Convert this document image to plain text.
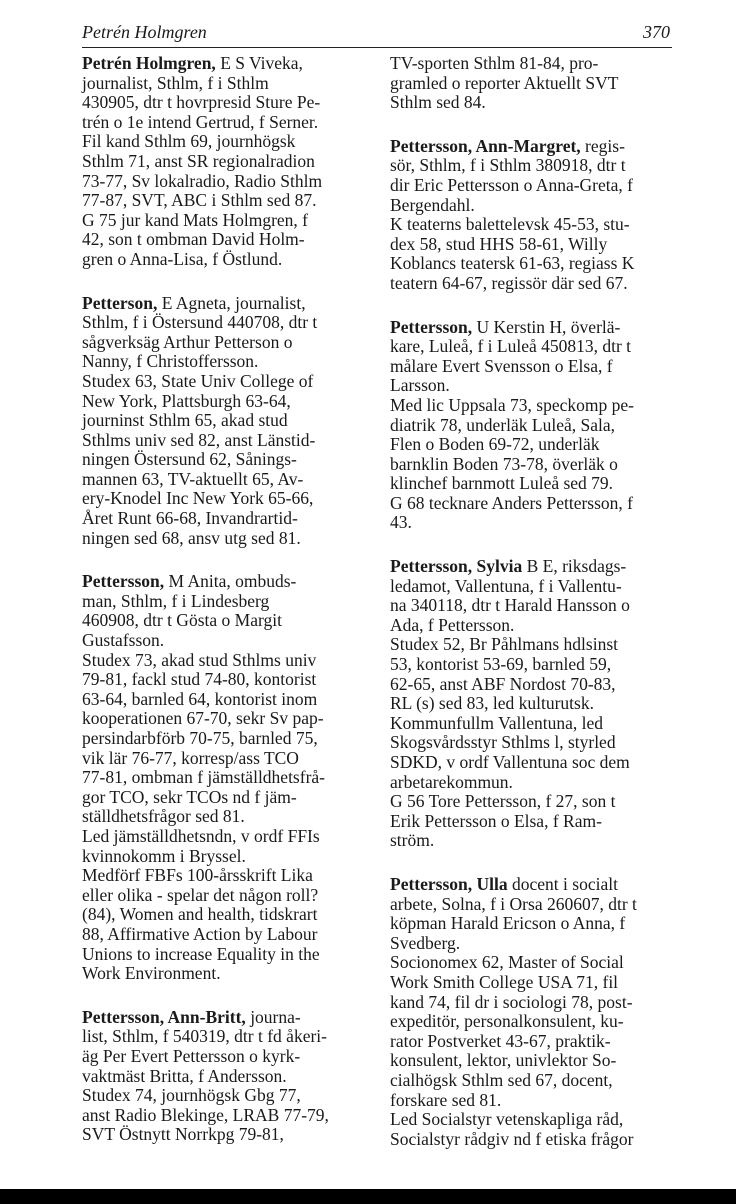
Petrén Holmgren	370
Petrén Holmgren, E S Viveka,
journalist, Sthlm, f i Sthlm
430905, dtr t hovrpresid Sture Pe-
trén o 1e intend Gertrud, f Serner.
Fil kand Sthlm 69, journhögsk
Sthlm 71, anst SR regionalradion
73-77, Sv lokalradio, Radio Sthlm
77-87, SVT, ABC i Sthlm sed 87.
G 75 jur kand Mats Holmgren, f
42, son t ombman David Holm-
gren o Anna-Lisa, f Östlund.
Petterson, E Agneta, journalist,
Sthlm, f i Östersund 440708, dtr t
sågverksäg Arthur Petterson o
Nanny, f Christoffersson.
Studex 63, State Univ College of
New York, Plattsburgh 63-64,
journinst Sthlm 65, akad stud
Sthlms univ sed 82, anst Länstid-
ningen Östersund 62, Sånings-
mannen 63, TV-aktuellt 65, Av-
ery-Knodel Inc New York 65-66,
Året Runt 66-68, Invandrartid-
ningen sed 68, ansv utg sed 81.
Pettersson, M Anita, ombuds-
man, Sthlm, f i Lindesberg
460908, dtr t Gösta o Margit
Gustafsson.
Studex 73, akad stud Sthlms univ
79-81, fackl stud 74-80, kontorist
63-64, barnled 64, kontorist inom
kooperationen 67-70, sekr Sv pap-
persindarbförb 70-75, barnled 75,
vik lär 76-77, korresp/ass TCO
77-81, ombman f jämställdhetsfrå-
gor TCO, sekr TCOs nd f jäm-
ställdhetsfrågor sed 81.
Led jämställdhetsndn, v ordf FFIs
kvinnokomm i Bryssel.
Medförf FBFs 100-årsskrift Lika
eller olika - spelar det någon roll?
(84), Women and health, tidskrart
88, Affirmative Action by Labour
Unions to increase Equality in the
Work Environment.
Pettersson, Ann-Britt, journa-
list, Sthlm, f 540319, dtr t fd åkeri-
äg Per Evert Pettersson o kyrk-
vaktmäst Britta, f Andersson.
Studex 74, journhögsk Gbg 77,
anst Radio Blekinge, LRAB 77-79,
SVT Östnytt Norrkpg 79-81,
TV-sporten Sthlm 81-84, pro-
gramled o reporter Aktuellt SVT
Sthlm sed 84.
Pettersson, Ann-Margret, regis-
sör, Sthlm, f i Sthlm 380918, dtr t
dir Eric Pettersson o Anna-Greta, f
Bergendahl.
K teaterns balettelevsk 45-53, stu-
dex 58, stud HHS 58-61, Willy
Koblancs teatersk 61-63, regiass K
teatern 64-67, regissör där sed 67.
Pettersson, U Kerstin H, överlä-
kare, Luleå, f i Luleå 450813, dtr t
målare Evert Svensson o Elsa, f
Larsson.
Med lic Uppsala 73, speckomp pe-
diatrik 78, underläk Luleå, Sala,
Flen o Boden 69-72, underläk
barnklin Boden 73-78, överläk o
klinchef barnmott Luleå sed 79.
G 68 tecknare Anders Pettersson, f
43.
Pettersson, Sylvia B E, riksdags-
ledamot, Vallentuna, f i Vallentu-
na 340118, dtr t Harald Hansson o
Ada, f Pettersson.
Studex 52, Br Påhlmans hdlsinst
53, kontorist 53-69, barnled 59,
62-65, anst ABF Nordost 70-83,
RL (s) sed 83, led kulturutsk.
Kommunfullm Vallentuna, led
Skogsvårdsstyr Sthlms l, styrled
SDKD, v ordf Vallentuna soc dem
arbetarekommun.
G 56 Tore Pettersson, f 27, son t
Erik Pettersson o Elsa, f Ram-
ström.
Pettersson, Ulla docent i socialt
arbete, Solna, f i Orsa 260607, dtr t
köpman Harald Ericson o Anna, f
Svedberg.
Socionomex 62, Master of Social
Work Smith College USA 71, fil
kand 74, fil dr i sociologi 78, post-
expeditör, personalkonsulent, ku-
rator Postverket 43-67, praktik-
konsulent, lektor, univlektor So-
cialhögsk Sthlm sed 67, docent,
forskare sed 81.
Led Socialstyr vetenskapliga råd,
Socialstyr rådgiv nd f etiska frågor
